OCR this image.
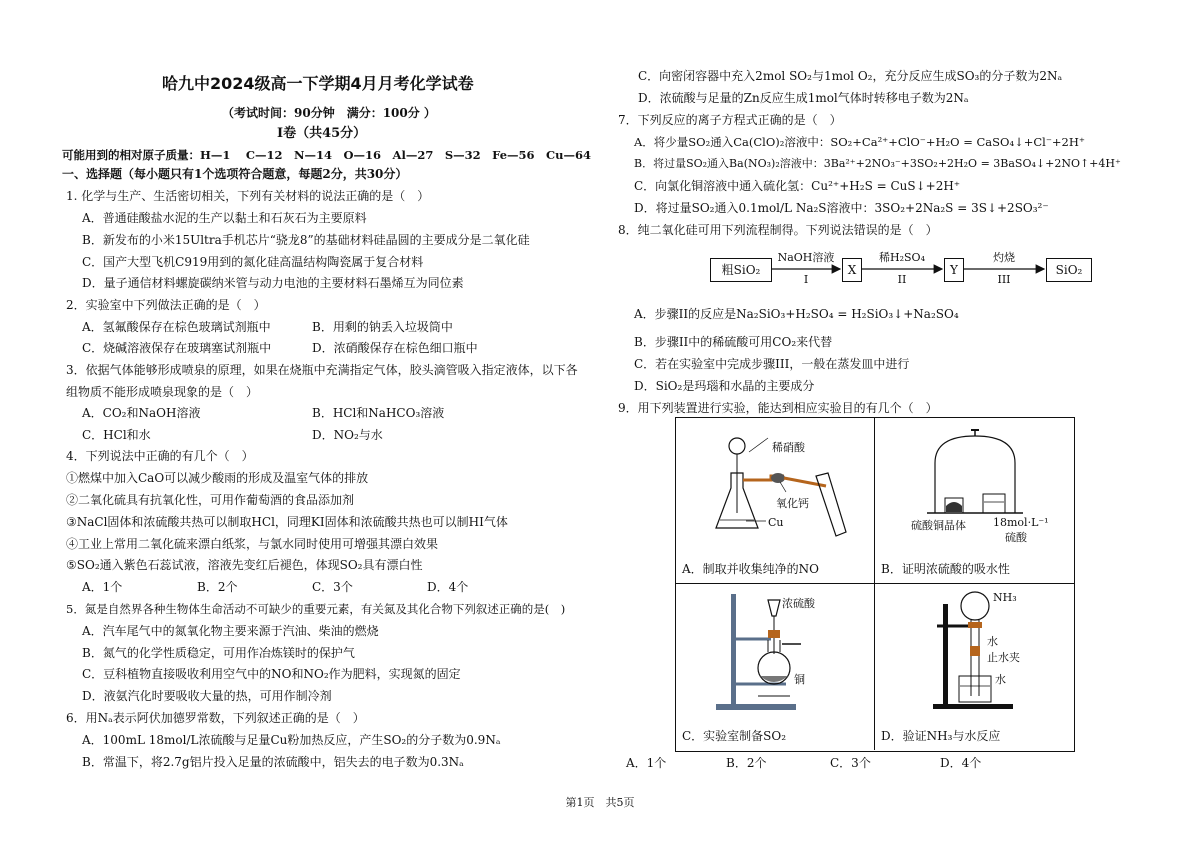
哈九中2024级高一下学期4月月考化学试卷
（考试时间：90分钟　满分：100分 ）
I卷（共45分）
可能用到的相对原子质量：H—1　 C—12　N—14　O—16　Al—27　S—32　Fe—56　Cu—64
一、选择题（每小题只有1个选项符合题意，每题2分，共30分）
1. 化学与生产、生活密切相关，下列有关材料的说法正确的是（　）
A．普通硅酸盐水泥的生产以黏土和石灰石为主要原料
B．新发布的小米15Ultra手机芯片“骁龙8”的基础材料硅晶圆的主要成分是二氧化硅
C．国产大型飞机C919用到的氮化硅高温结构陶瓷属于复合材料
D．量子通信材料螺旋碳纳米管与动力电池的主要材料石墨烯互为同位素
2．实验室中下列做法正确的是（　）
A．氢氟酸保存在棕色玻璃试剂瓶中	B．用剩的钠丢入垃圾筒中
C．烧碱溶液保存在玻璃塞试剂瓶中	D．浓硝酸保存在棕色细口瓶中
3．依据气体能够形成喷泉的原理，如果在烧瓶中充满指定气体，胶头滴管吸入指定液体，以下各
组物质不能形成喷泉现象的是（　）
A．CO₂和NaOH溶液	B．HCl和NaHCO₃溶液
C．HCl和水	D．NO₂与水
4．下列说法中正确的有几个（　）
①燃煤中加入CaO可以减少酸雨的形成及温室气体的排放
②二氧化硫具有抗氧化性，可用作葡萄酒的食品添加剂
③NaCl固体和浓硫酸共热可以制取HCl，同理KI固体和浓硫酸共热也可以制HI气体
④工业上常用二氧化硫来漂白纸浆，与氯水同时使用可增强其漂白效果
⑤SO₂通入紫色石蕊试液，溶液先变红后褪色，体现SO₂具有漂白性
A．1个	B．2个	C．3个	D．4个
5．氮是自然界各种生物体生命活动不可缺少的重要元素，有关氮及其化合物下列叙述正确的是(　)
A．汽车尾气中的氮氧化物主要来源于汽油、柴油的燃烧
B．氮气的化学性质稳定，可用作冶炼镁时的保护气
C．豆科植物直接吸收利用空气中的NO和NO₂作为肥料，实现氮的固定
D．液氨汽化时要吸收大量的热，可用作制冷剂
6．用Nₐ表示阿伏加德罗常数，下列叙述正确的是（　）
A．100mL 18mol/L浓硫酸与足量Cu粉加热反应，产生SO₂的分子数为0.9Nₐ
B．常温下，将2.7g铝片投入足量的浓硫酸中，铝失去的电子数为0.3Nₐ
C．向密闭容器中充入2mol SO₂与1mol O₂，充分反应生成SO₃的分子数为2Nₐ
D．浓硫酸与足量的Zn反应生成1mol气体时转移电子数为2Nₐ
7．下列反应的离子方程式正确的是（　）
A．将少量SO₂通入Ca(ClO)₂溶液中：SO₂+Ca²⁺+ClO⁻+H₂O = CaSO₄↓+Cl⁻+2H⁺
B．将过量SO₂通入Ba(NO₃)₂溶液中：3Ba²⁺+2NO₃⁻+3SO₂+2H₂O = 3BaSO₄↓+2NO↑+4H⁺
C．向氯化铜溶液中通入硫化氢：Cu²⁺+H₂S = CuS↓+2H⁺
D．将过量SO₂通入0.1mol/L Na₂S溶液中：3SO₂+2Na₂S = 3S↓+2SO₃²⁻
8．纯二氧化硅可用下列流程制得。下列说法错误的是（　）
粗SiO₂	X	Y	SiO₂
NaOH溶液
I
稀H₂SO₄
II
灼烧
III
A．步骤II的反应是Na₂SiO₃+H₂SO₄ = H₂SiO₃↓+Na₂SO₄
B．步骤II中的稀硫酸可用CO₂来代替
C．若在实验室中完成步骤III，一般在蒸发皿中进行
D．SiO₂是玛瑙和水晶的主要成分
9．用下列装置进行实验，能达到相应实验目的有几个（　）
稀硝酸
氧化钙
Cu
A．制取并收集纯净的NO
硫酸铜晶体 18mol·L⁻¹
硫酸
B．证明浓硫酸的吸水性
浓硫酸
铜
C．实验室制备SO₂
NH₃
水
止水夹
水
D．验证NH₃与水反应
A．1个	B．2个	C．3个	D．4个
第1页　共5页
